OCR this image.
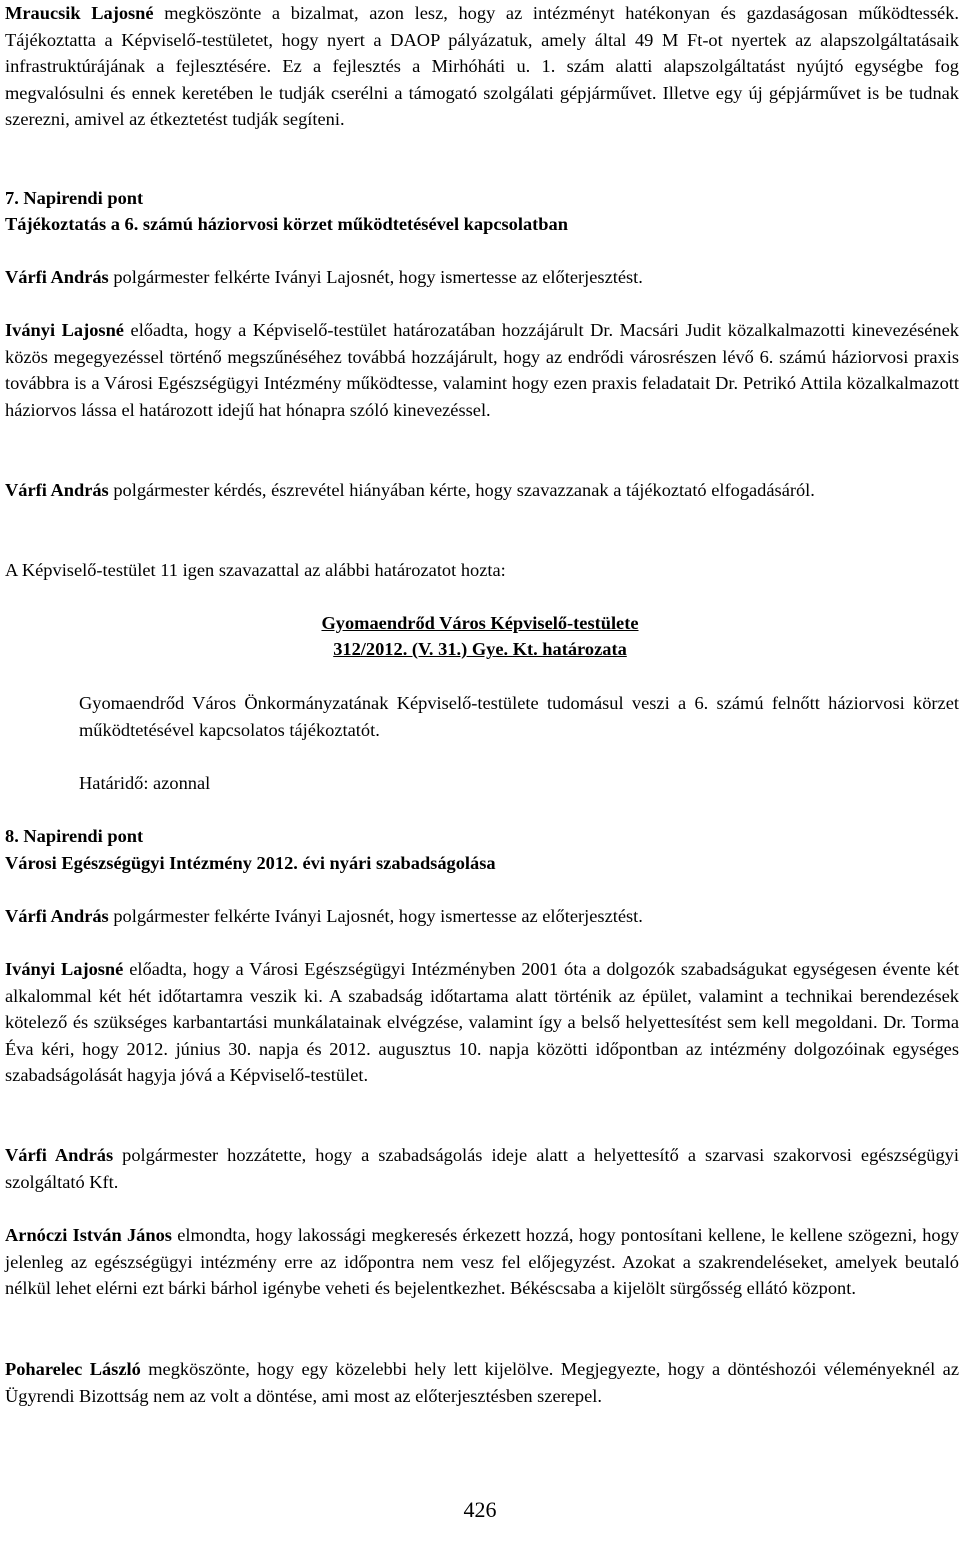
Mraucsik Lajosné megköszönte a bizalmat, azon lesz, hogy az intézményt hatékonyan és gazdaságosan működtessék. Tájékoztatta a Képviselő-testületet, hogy nyert a DAOP pályázatuk, amely által 49 M Ft-ot nyertek az alapszolgáltatásaik infrastruktúrájának a fejlesztésére. Ez a fejlesztés a Mirhóháti u. 1. szám alatti alapszolgáltatást nyújtó egységbe fog megvalósulni és ennek keretében le tudják cserélni a támogató szolgálati gépjárművet. Illetve egy új gépjárművet is be tudnak szerezni, amivel az étkeztetést tudják segíteni.

7. Napirendi pont
Tájékoztatás a 6. számú háziorvosi körzet működtetésével kapcsolatban

Várfi András polgármester felkérte Iványi Lajosnét, hogy ismertesse az előterjesztést.

Iványi Lajosné előadta, hogy a Képviselő-testület határozatában hozzájárult Dr. Macsári Judit közalkalmazotti kinevezésének közös megegyezéssel történő megszűnéséhez továbbá hozzájárult, hogy az endrődi városrészen lévő 6. számú háziorvosi praxis továbbra is a Városi Egészségügyi Intézmény működtesse, valamint hogy ezen praxis feladatait Dr. Petrikó Attila közalkalmazott háziorvos lássa el határozott idejű hat hónapra szóló kinevezéssel.

Várfi András polgármester kérdés, észrevétel hiányában kérte, hogy szavazzanak a tájékoztató elfogadásáról.

A Képviselő-testület 11 igen szavazattal az alábbi határozatot hozta:

Gyomaendrőd Város Képviselő-testülete
312/2012. (V. 31.) Gye. Kt. határozata

Gyomaendrőd Város Önkormányzatának Képviselő-testülete tudomásul veszi a 6. számú felnőtt háziorvosi körzet működtetésével kapcsolatos tájékoztatót.

Határidő: azonnal

8. Napirendi pont
Városi Egészségügyi Intézmény 2012. évi nyári szabadságolása

Várfi András polgármester felkérte Iványi Lajosnét, hogy ismertesse az előterjesztést.

Iványi Lajosné előadta, hogy a Városi Egészségügyi Intézményben 2001 óta a dolgozók szabadságukat egységesen évente két alkalommal két hét időtartamra veszik ki. A szabadság időtartama alatt történik az épület, valamint a technikai berendezések kötelező és szükséges karbantartási munkálatainak elvégzése, valamint így a belső helyettesítést sem kell megoldani. Dr. Torma Éva kéri, hogy 2012. június 30. napja és 2012. augusztus 10. napja közötti időpontban az intézmény dolgozóinak egységes szabadságolását hagyja jóvá a Képviselő-testület.

Várfi András polgármester hozzátette, hogy a szabadságolás ideje alatt a helyettesítő a szarvasi szakorvosi egészségügyi szolgáltató Kft.

Arnóczi István János elmondta, hogy lakossági megkeresés érkezett hozzá, hogy pontosítani kellene, le kellene szögezni, hogy jelenleg az egészségügyi intézmény erre az időpontra nem vesz fel előjegyzést. Azokat a szakrendeléseket, amelyek beutaló nélkül lehet elérni ezt bárki bárhol igénybe veheti és bejelentkezhet. Békéscsaba a kijelölt sürgősség ellátó központ.

Poharelec László megköszönte, hogy egy közelebbi hely lett kijelölve. Megjegyezte, hogy a döntéshozói véleményeknél az Ügyrendi Bizottság nem az volt a döntése, ami most az előterjesztésben szerepel.

426
